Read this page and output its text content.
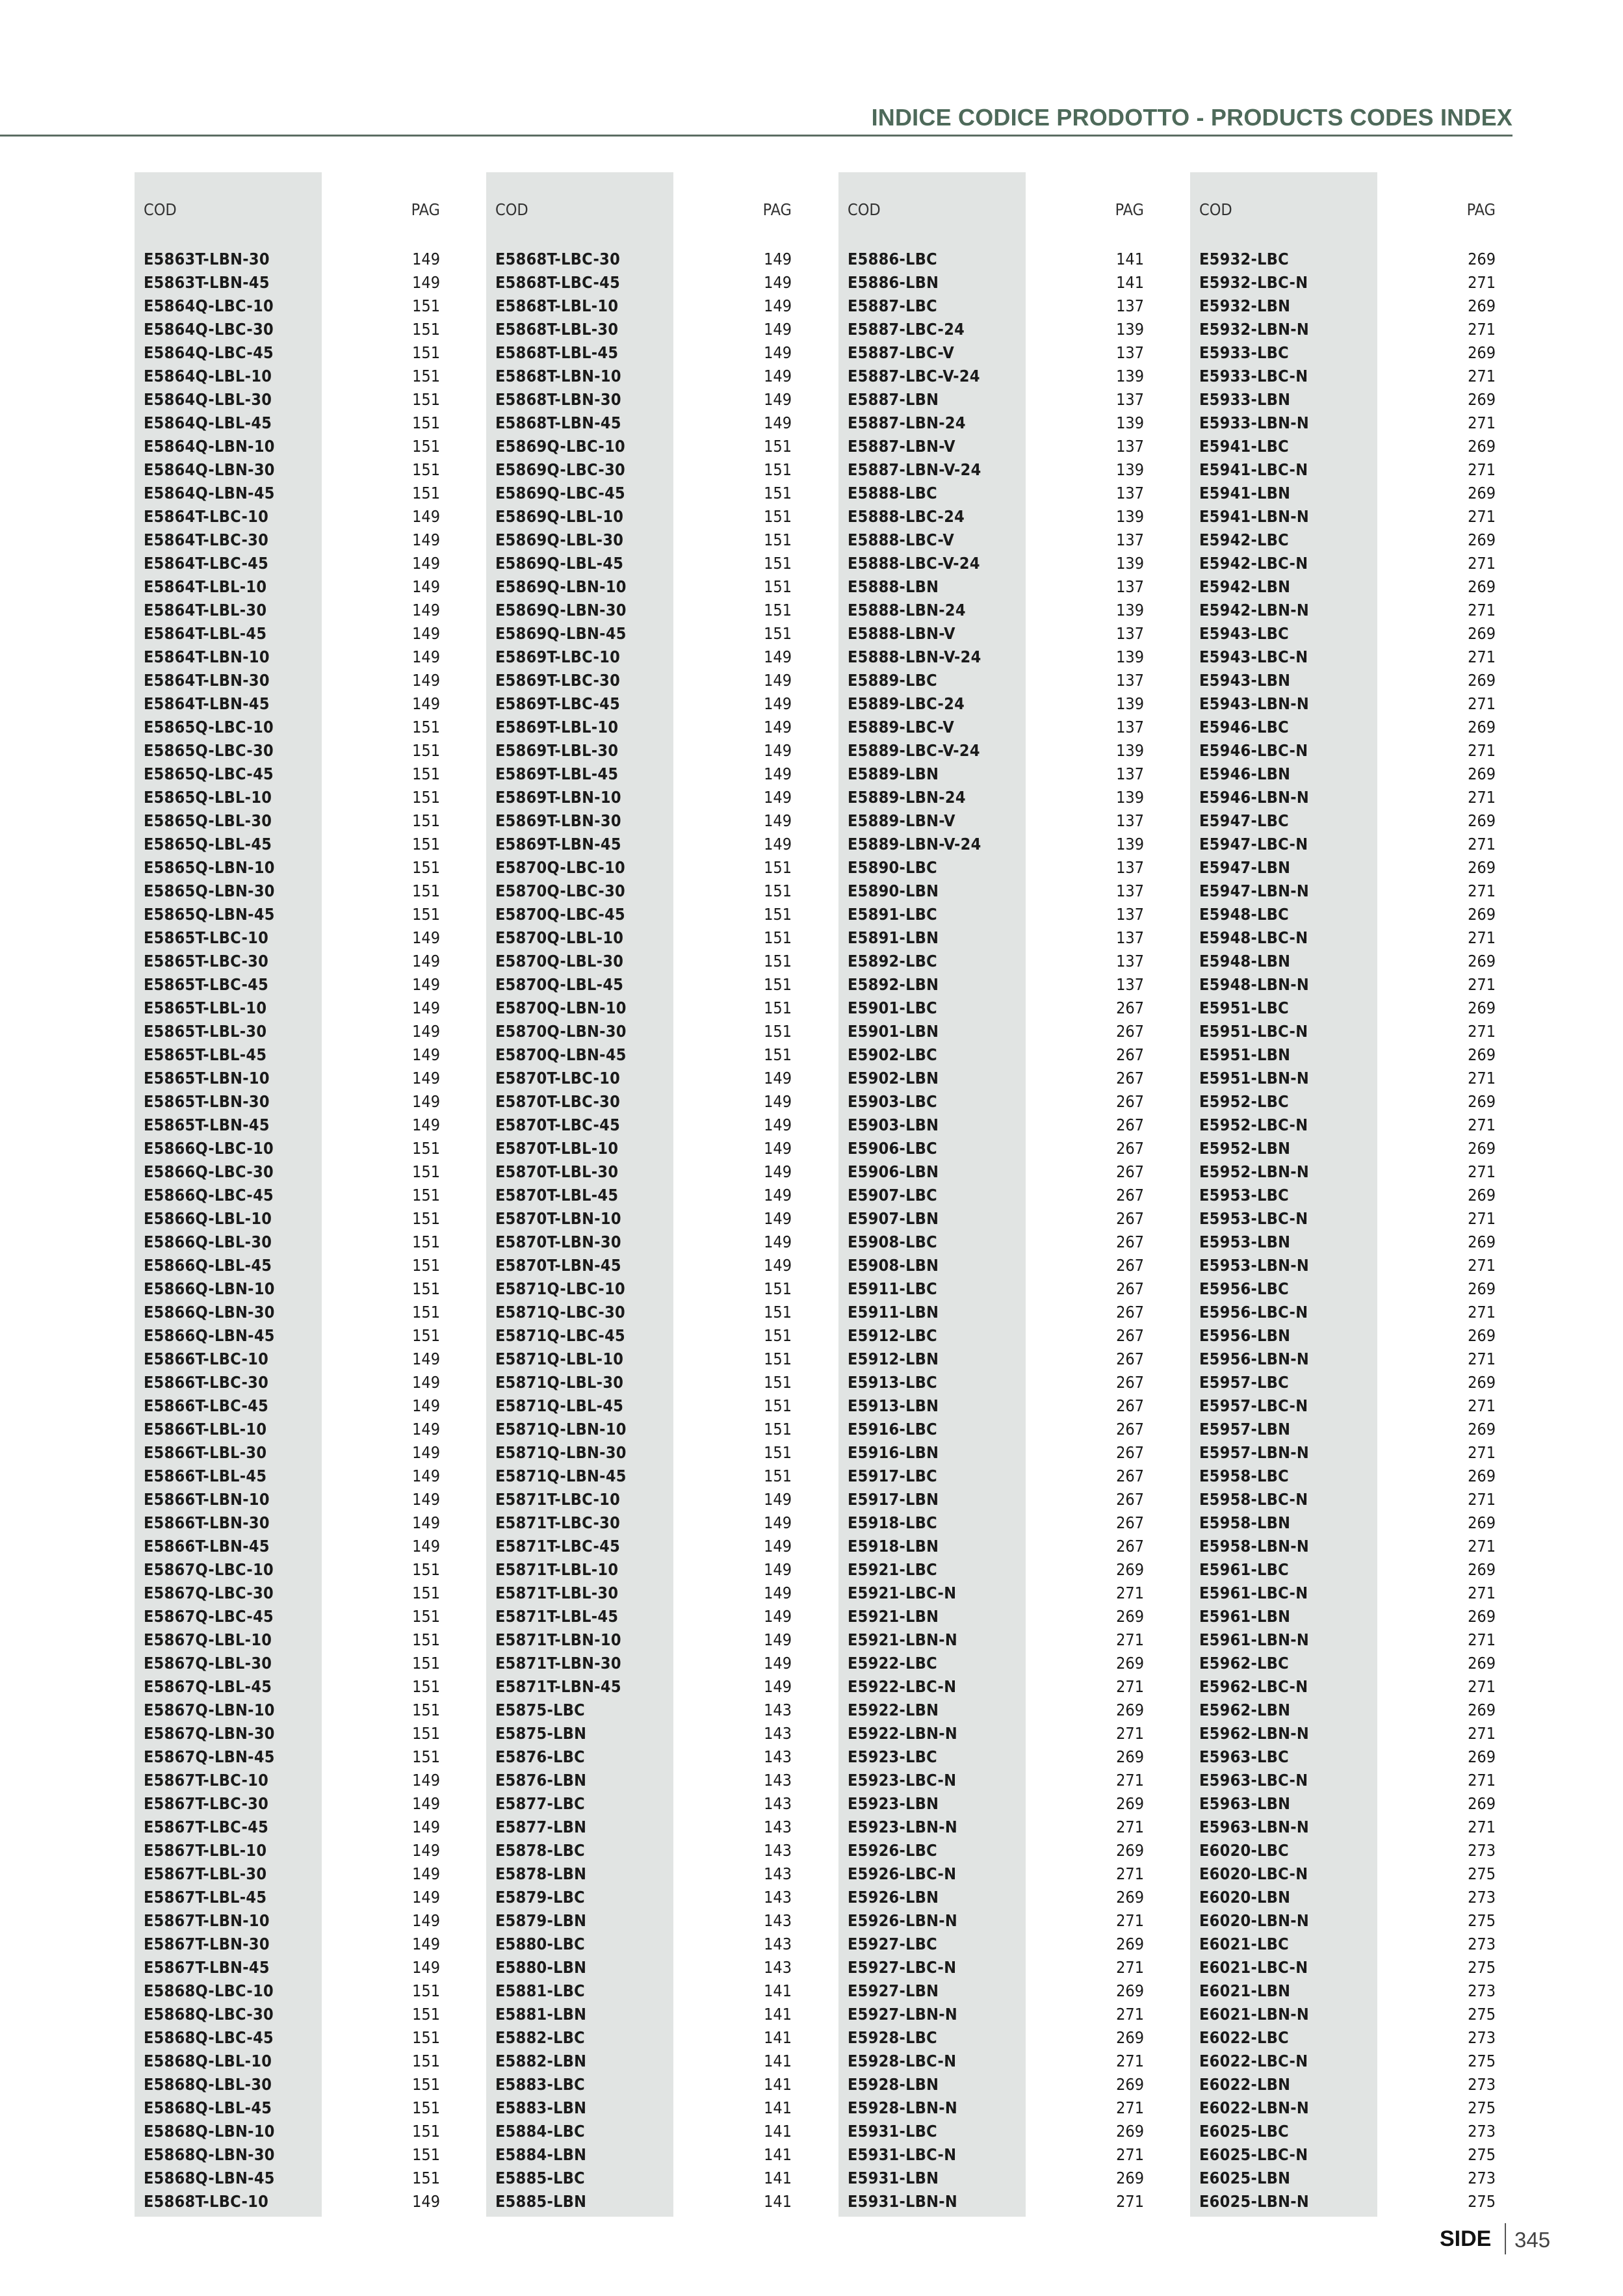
INDICE CODICE PRODOTTO - PRODUCTS CODES INDEX
COD	PAG
E5863T-LBN-30	149
E5863T-LBN-45	149
E5864Q-LBC-10	151
E5864Q-LBC-30	151
E5864Q-LBC-45	151
E5864Q-LBL-10	151
E5864Q-LBL-30	151
E5864Q-LBL-45	151
E5864Q-LBN-10	151
E5864Q-LBN-30	151
E5864Q-LBN-45	151
E5864T-LBC-10	149
E5864T-LBC-30	149
E5864T-LBC-45	149
E5864T-LBL-10	149
E5864T-LBL-30	149
E5864T-LBL-45	149
E5864T-LBN-10	149
E5864T-LBN-30	149
E5864T-LBN-45	149
E5865Q-LBC-10	151
E5865Q-LBC-30	151
E5865Q-LBC-45	151
E5865Q-LBL-10	151
E5865Q-LBL-30	151
E5865Q-LBL-45	151
E5865Q-LBN-10	151
E5865Q-LBN-30	151
E5865Q-LBN-45	151
E5865T-LBC-10	149
E5865T-LBC-30	149
E5865T-LBC-45	149
E5865T-LBL-10	149
E5865T-LBL-30	149
E5865T-LBL-45	149
E5865T-LBN-10	149
E5865T-LBN-30	149
E5865T-LBN-45	149
E5866Q-LBC-10	151
E5866Q-LBC-30	151
E5866Q-LBC-45	151
E5866Q-LBL-10	151
E5866Q-LBL-30	151
E5866Q-LBL-45	151
E5866Q-LBN-10	151
E5866Q-LBN-30	151
E5866Q-LBN-45	151
E5866T-LBC-10	149
E5866T-LBC-30	149
E5866T-LBC-45	149
E5866T-LBL-10	149
E5866T-LBL-30	149
E5866T-LBL-45	149
E5866T-LBN-10	149
E5866T-LBN-30	149
E5866T-LBN-45	149
E5867Q-LBC-10	151
E5867Q-LBC-30	151
E5867Q-LBC-45	151
E5867Q-LBL-10	151
E5867Q-LBL-30	151
E5867Q-LBL-45	151
E5867Q-LBN-10	151
E5867Q-LBN-30	151
E5867Q-LBN-45	151
E5867T-LBC-10	149
E5867T-LBC-30	149
E5867T-LBC-45	149
E5867T-LBL-10	149
E5867T-LBL-30	149
E5867T-LBL-45	149
E5867T-LBN-10	149
E5867T-LBN-30	149
E5867T-LBN-45	149
E5868Q-LBC-10	151
E5868Q-LBC-30	151
E5868Q-LBC-45	151
E5868Q-LBL-10	151
E5868Q-LBL-30	151
E5868Q-LBL-45	151
E5868Q-LBN-10	151
E5868Q-LBN-30	151
E5868Q-LBN-45	151
E5868T-LBC-10	149
COD	PAG
E5868T-LBC-30	149
E5868T-LBC-45	149
E5868T-LBL-10	149
E5868T-LBL-30	149
E5868T-LBL-45	149
E5868T-LBN-10	149
E5868T-LBN-30	149
E5868T-LBN-45	149
E5869Q-LBC-10	151
E5869Q-LBC-30	151
E5869Q-LBC-45	151
E5869Q-LBL-10	151
E5869Q-LBL-30	151
E5869Q-LBL-45	151
E5869Q-LBN-10	151
E5869Q-LBN-30	151
E5869Q-LBN-45	151
E5869T-LBC-10	149
E5869T-LBC-30	149
E5869T-LBC-45	149
E5869T-LBL-10	149
E5869T-LBL-30	149
E5869T-LBL-45	149
E5869T-LBN-10	149
E5869T-LBN-30	149
E5869T-LBN-45	149
E5870Q-LBC-10	151
E5870Q-LBC-30	151
E5870Q-LBC-45	151
E5870Q-LBL-10	151
E5870Q-LBL-30	151
E5870Q-LBL-45	151
E5870Q-LBN-10	151
E5870Q-LBN-30	151
E5870Q-LBN-45	151
E5870T-LBC-10	149
E5870T-LBC-30	149
E5870T-LBC-45	149
E5870T-LBL-10	149
E5870T-LBL-30	149
E5870T-LBL-45	149
E5870T-LBN-10	149
E5870T-LBN-30	149
E5870T-LBN-45	149
E5871Q-LBC-10	151
E5871Q-LBC-30	151
E5871Q-LBC-45	151
E5871Q-LBL-10	151
E5871Q-LBL-30	151
E5871Q-LBL-45	151
E5871Q-LBN-10	151
E5871Q-LBN-30	151
E5871Q-LBN-45	151
E5871T-LBC-10	149
E5871T-LBC-30	149
E5871T-LBC-45	149
E5871T-LBL-10	149
E5871T-LBL-30	149
E5871T-LBL-45	149
E5871T-LBN-10	149
E5871T-LBN-30	149
E5871T-LBN-45	149
E5875-LBC	143
E5875-LBN	143
E5876-LBC	143
E5876-LBN	143
E5877-LBC	143
E5877-LBN	143
E5878-LBC	143
E5878-LBN	143
E5879-LBC	143
E5879-LBN	143
E5880-LBC	143
E5880-LBN	143
E5881-LBC	141
E5881-LBN	141
E5882-LBC	141
E5882-LBN	141
E5883-LBC	141
E5883-LBN	141
E5884-LBC	141
E5884-LBN	141
E5885-LBC	141
E5885-LBN	141
COD	PAG
E5886-LBC	141
E5886-LBN	141
E5887-LBC	137
E5887-LBC-24	139
E5887-LBC-V	137
E5887-LBC-V-24	139
E5887-LBN	137
E5887-LBN-24	139
E5887-LBN-V	137
E5887-LBN-V-24	139
E5888-LBC	137
E5888-LBC-24	139
E5888-LBC-V	137
E5888-LBC-V-24	139
E5888-LBN	137
E5888-LBN-24	139
E5888-LBN-V	137
E5888-LBN-V-24	139
E5889-LBC	137
E5889-LBC-24	139
E5889-LBC-V	137
E5889-LBC-V-24	139
E5889-LBN	137
E5889-LBN-24	139
E5889-LBN-V	137
E5889-LBN-V-24	139
E5890-LBC	137
E5890-LBN	137
E5891-LBC	137
E5891-LBN	137
E5892-LBC	137
E5892-LBN	137
E5901-LBC	267
E5901-LBN	267
E5902-LBC	267
E5902-LBN	267
E5903-LBC	267
E5903-LBN	267
E5906-LBC	267
E5906-LBN	267
E5907-LBC	267
E5907-LBN	267
E5908-LBC	267
E5908-LBN	267
E5911-LBC	267
E5911-LBN	267
E5912-LBC	267
E5912-LBN	267
E5913-LBC	267
E5913-LBN	267
E5916-LBC	267
E5916-LBN	267
E5917-LBC	267
E5917-LBN	267
E5918-LBC	267
E5918-LBN	267
E5921-LBC	269
E5921-LBC-N	271
E5921-LBN	269
E5921-LBN-N	271
E5922-LBC	269
E5922-LBC-N	271
E5922-LBN	269
E5922-LBN-N	271
E5923-LBC	269
E5923-LBC-N	271
E5923-LBN	269
E5923-LBN-N	271
E5926-LBC	269
E5926-LBC-N	271
E5926-LBN	269
E5926-LBN-N	271
E5927-LBC	269
E5927-LBC-N	271
E5927-LBN	269
E5927-LBN-N	271
E5928-LBC	269
E5928-LBC-N	271
E5928-LBN	269
E5928-LBN-N	271
E5931-LBC	269
E5931-LBC-N	271
E5931-LBN	269
E5931-LBN-N	271
COD	PAG
E5932-LBC	269
E5932-LBC-N	271
E5932-LBN	269
E5932-LBN-N	271
E5933-LBC	269
E5933-LBC-N	271
E5933-LBN	269
E5933-LBN-N	271
E5941-LBC	269
E5941-LBC-N	271
E5941-LBN	269
E5941-LBN-N	271
E5942-LBC	269
E5942-LBC-N	271
E5942-LBN	269
E5942-LBN-N	271
E5943-LBC	269
E5943-LBC-N	271
E5943-LBN	269
E5943-LBN-N	271
E5946-LBC	269
E5946-LBC-N	271
E5946-LBN	269
E5946-LBN-N	271
E5947-LBC	269
E5947-LBC-N	271
E5947-LBN	269
E5947-LBN-N	271
E5948-LBC	269
E5948-LBC-N	271
E5948-LBN	269
E5948-LBN-N	271
E5951-LBC	269
E5951-LBC-N	271
E5951-LBN	269
E5951-LBN-N	271
E5952-LBC	269
E5952-LBC-N	271
E5952-LBN	269
E5952-LBN-N	271
E5953-LBC	269
E5953-LBC-N	271
E5953-LBN	269
E5953-LBN-N	271
E5956-LBC	269
E5956-LBC-N	271
E5956-LBN	269
E5956-LBN-N	271
E5957-LBC	269
E5957-LBC-N	271
E5957-LBN	269
E5957-LBN-N	271
E5958-LBC	269
E5958-LBC-N	271
E5958-LBN	269
E5958-LBN-N	271
E5961-LBC	269
E5961-LBC-N	271
E5961-LBN	269
E5961-LBN-N	271
E5962-LBC	269
E5962-LBC-N	271
E5962-LBN	269
E5962-LBN-N	271
E5963-LBC	269
E5963-LBC-N	271
E5963-LBN	269
E5963-LBN-N	271
E6020-LBC	273
E6020-LBC-N	275
E6020-LBN	273
E6020-LBN-N	275
E6021-LBC	273
E6021-LBC-N	275
E6021-LBN	273
E6021-LBN-N	275
E6022-LBC	273
E6022-LBC-N	275
E6022-LBN	273
E6022-LBN-N	275
E6025-LBC	273
E6025-LBC-N	275
E6025-LBN	273
E6025-LBN-N	275
SIDE 345
